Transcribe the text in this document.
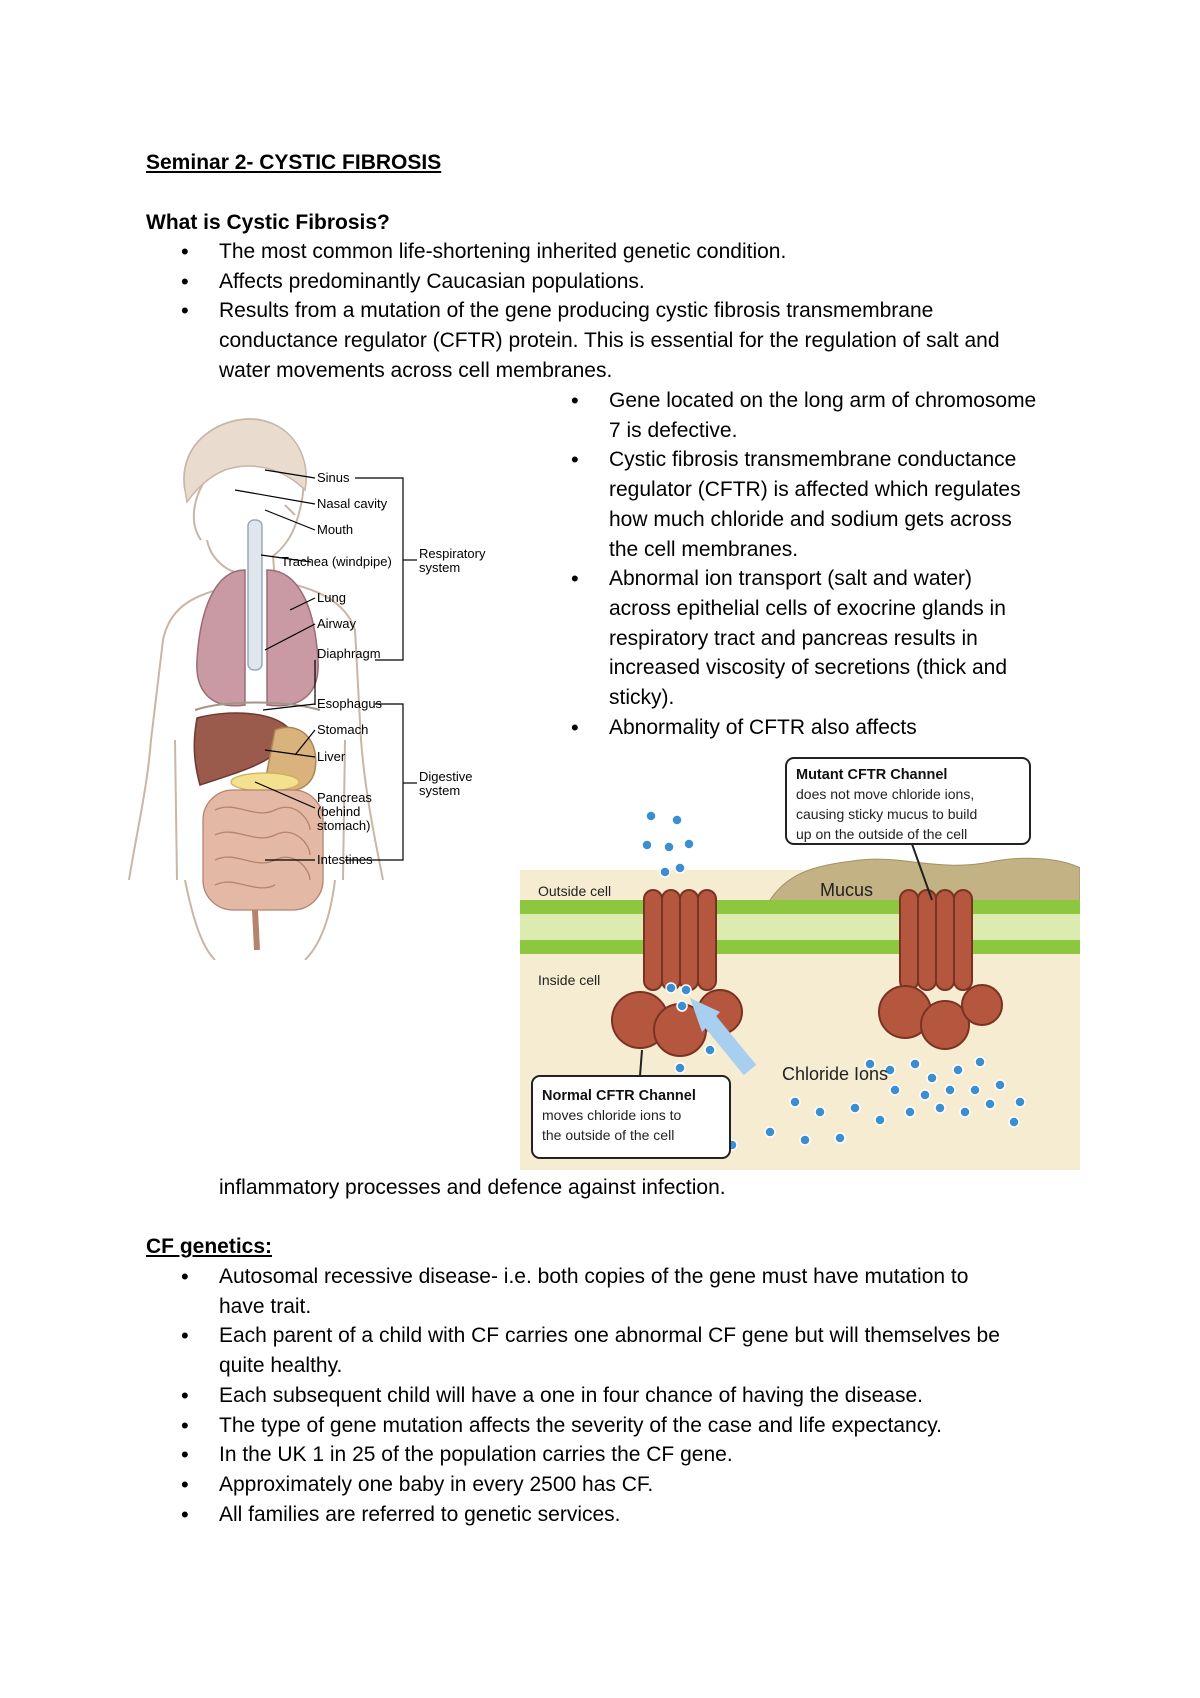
Seminar 2- CYSTIC FIBROSIS
What is Cystic Fibrosis?
• The most common life-shortening inherited genetic condition.
• Affects predominantly Caucasian populations.
• Results from a mutation of the gene producing cystic fibrosis transmembrane
conductance regulator (CFTR) protein. This is essential for the regulation of salt and
water movements across cell membranes.
• Gene located on the long arm of chromosome
7 is defective.
• Cystic fibrosis transmembrane conductance
regulator (CFTR) is affected which regulates
how much chloride and sodium gets across
the cell membranes.
• Abnormal ion transport (salt and water)
across epithelial cells of exocrine glands in
respiratory tract and pancreas results in
increased viscosity of secretions (thick and
sticky).
• Abnormality of CFTR also affects
Sinus
Nasal cavity
Mouth
Trachea (windpipe)
Lung
Airway
Diaphragm
Esophagus
Stomach
Liver
Pancreas
(behind
stomach)
Intestines
Respiratory
system
Digestive
system
Outside cell
Inside cell
Mucus
Chloride Ions
Mutant CFTR Channel
does not move chloride ions,
causing sticky mucus to build
up on the outside of the cell
Normal CFTR Channel
moves chloride ions to
the outside of the cell
inflammatory processes and defence against infection.
CF genetics:
• Autosomal recessive disease- i.e. both copies of the gene must have mutation to
have trait.
• Each parent of a child with CF carries one abnormal CF gene but will themselves be
quite healthy.
• Each subsequent child will have a one in four chance of having the disease.
• The type of gene mutation affects the severity of the case and life expectancy.
• In the UK 1 in 25 of the population carries the CF gene.
• Approximately one baby in every 2500 has CF.
• All families are referred to genetic services.
